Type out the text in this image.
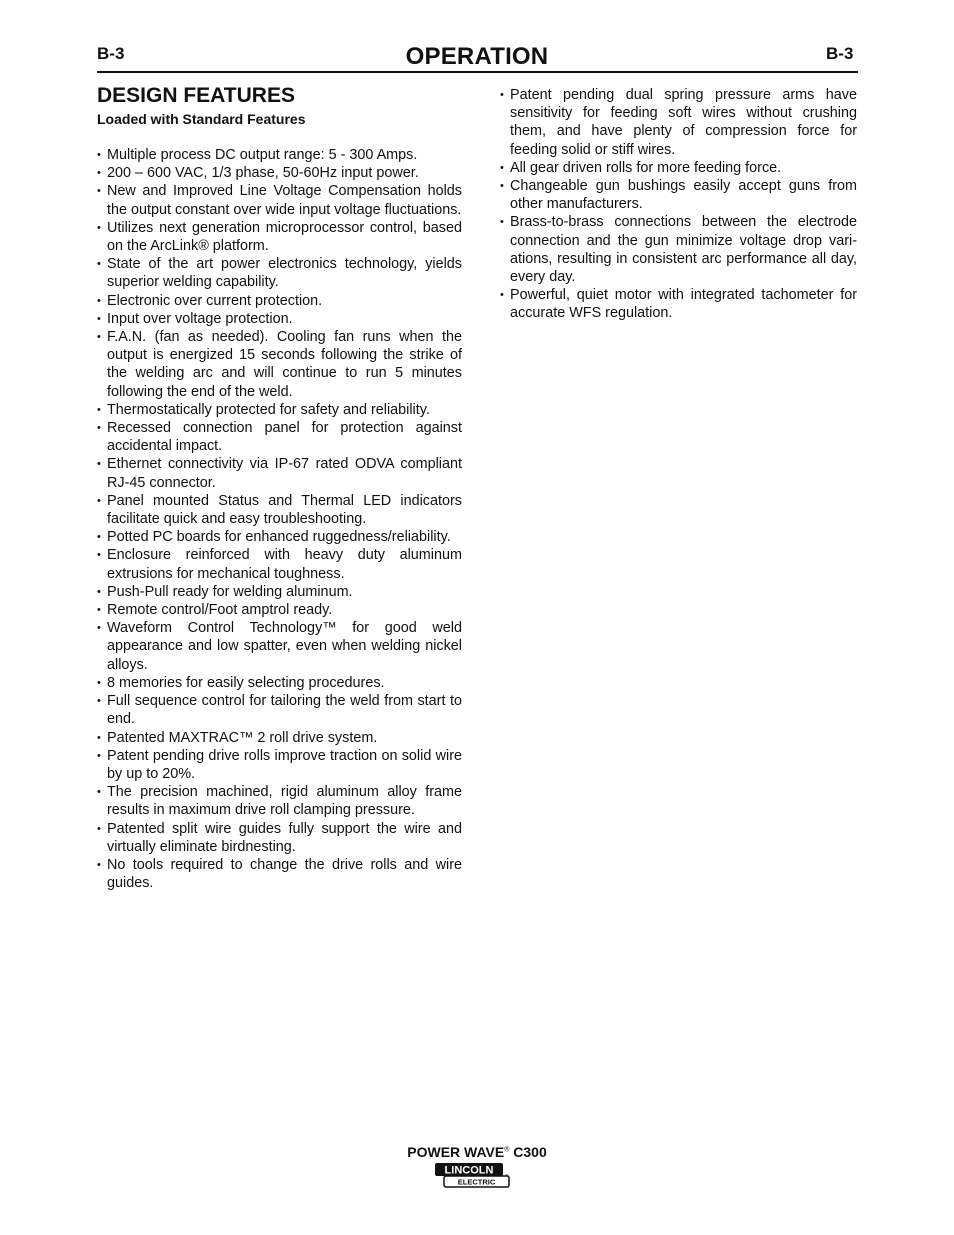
B-3	OPERATION	B-3
DESIGN FEATURES
Loaded with Standard Features
• Multiple process DC output range: 5 - 300 Amps.
• 200 – 600 VAC, 1/3 phase, 50-60Hz input power.
• New and Improved Line Voltage Compensation holds the output constant over wide input voltage fluctuations.
• Utilizes next generation microprocessor control, based on the ArcLink® platform.
• State of the art power electronics technology, yields superior welding capability.
• Electronic over current protection.
• Input over voltage protection.
• F.A.N. (fan as needed). Cooling fan runs when the output is energized 15 seconds following the strike of the welding arc and will continue to run 5 minutes following the end of the weld.
• Thermostatically protected for safety and reliability.
• Recessed connection panel for protection against accidental impact.
• Ethernet connectivity via IP-67 rated ODVA compliant RJ-45 connector.
• Panel mounted Status and Thermal LED indicators facilitate quick and easy troubleshooting.
• Potted PC boards for enhanced ruggedness/reliability.
• Enclosure reinforced with heavy duty aluminum extrusions for mechanical toughness.
• Push-Pull ready for welding aluminum.
• Remote control/Foot amptrol ready.
• Waveform Control Technology™ for good weld appearance and low spatter, even when welding nickel alloys.
• 8 memories for easily selecting procedures.
• Full sequence control for tailoring the weld from start to end.
• Patented MAXTRAC™ 2 roll drive system.
• Patent pending drive rolls improve traction on solid wire by up to 20%.
• The precision machined, rigid aluminum alloy frame results in maximum drive roll clamping pressure.
• Patented split wire guides fully support the wire and virtually eliminate birdnesting.
• No tools required to change the drive rolls and wire guides.
• Patent pending dual spring pressure arms have sensitivity for feeding soft wires without crushing them, and have plenty of compression force for feeding solid or stiff wires.
• All gear driven rolls for more feeding force.
• Changeable gun bushings easily accept guns from other manufacturers.
• Brass-to-brass connections between the electrode connection and the gun minimize voltage drop variations, resulting in consistent arc performance all day, every day.
• Powerful, quiet motor with integrated tachometer for accurate WFS regulation.
POWER WAVE® C300
LINCOLN
ELECTRIC
